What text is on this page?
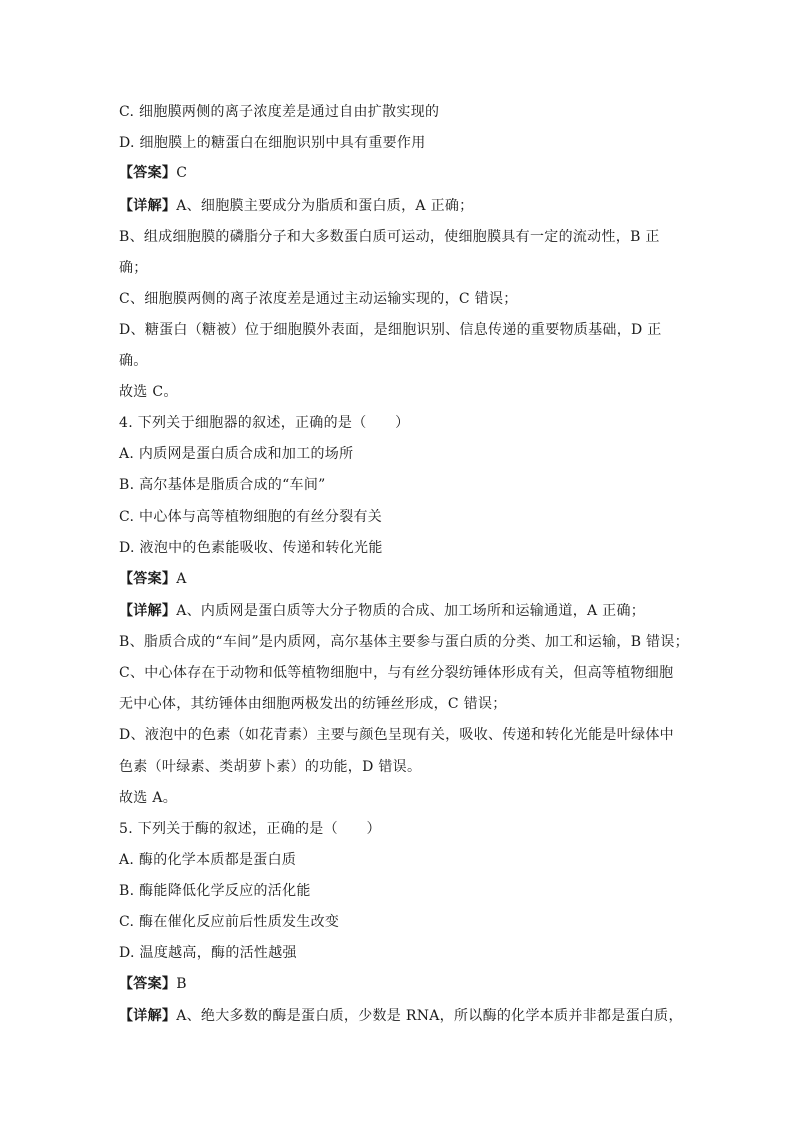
C. 细胞膜两侧的离子浓度差是通过自由扩散实现的
D. 细胞膜上的糖蛋白在细胞识别中具有重要作用
【答案】C
【详解】A、细胞膜主要成分为脂质和蛋白质，A 正确；
B、组成细胞膜的磷脂分子和大多数蛋白质可运动，使细胞膜具有一定的流动性，B 正
确；
C、细胞膜两侧的离子浓度差是通过主动运输实现的，C 错误；
D、糖蛋白（糖被）位于细胞膜外表面，是细胞识别、信息传递的重要物质基础，D 正
确。
故选 C。
4. 下列关于细胞器的叙述，正确的是（　　）
A. 内质网是蛋白质合成和加工的场所
B. 高尔基体是脂质合成的“车间”
C. 中心体与高等植物细胞的有丝分裂有关
D. 液泡中的色素能吸收、传递和转化光能
【答案】A
【详解】A、内质网是蛋白质等大分子物质的合成、加工场所和运输通道，A 正确；
B、脂质合成的“车间”是内质网，高尔基体主要参与蛋白质的分类、加工和运输，B 错误；
C、中心体存在于动物和低等植物细胞中，与有丝分裂纺锤体形成有关，但高等植物细胞
无中心体，其纺锤体由细胞两极发出的纺锤丝形成，C 错误；
D、液泡中的色素（如花青素）主要与颜色呈现有关，吸收、传递和转化光能是叶绿体中
色素（叶绿素、类胡萝卜素）的功能，D 错误。
故选 A。
5. 下列关于酶的叙述，正确的是（　　）
A. 酶的化学本质都是蛋白质
B. 酶能降低化学反应的活化能
C. 酶在催化反应前后性质发生改变
D. 温度越高，酶的活性越强
【答案】B
【详解】A、绝大多数的酶是蛋白质，少数是 RNA，所以酶的化学本质并非都是蛋白质，
